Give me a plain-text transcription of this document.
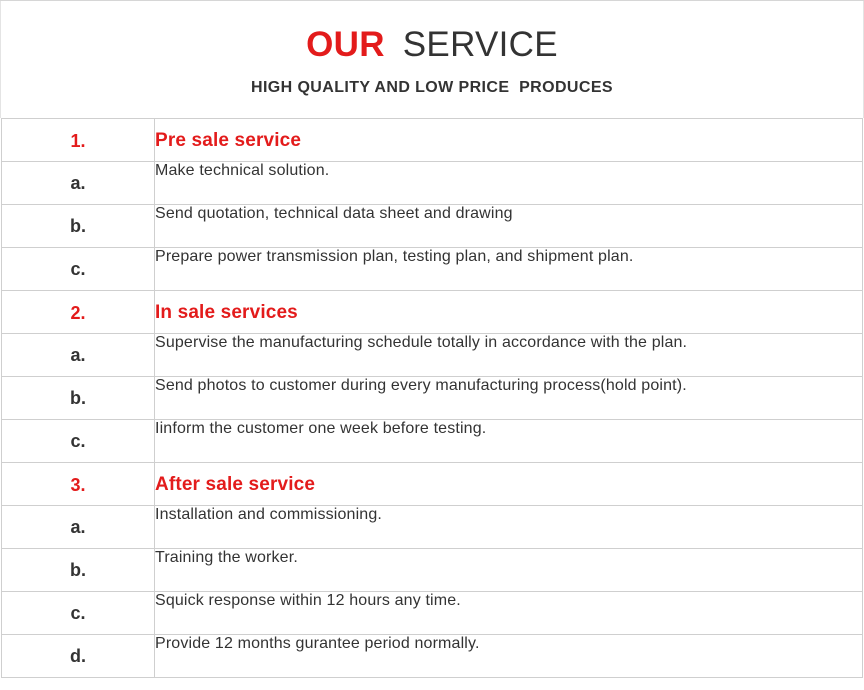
OUR SERVICE
HIGH QUALITY AND LOW PRICE  PRODUCES
1.	Pre sale service
a.	Make technical solution.
b.	Send quotation, technical data sheet and drawing
c.	Prepare power transmission plan, testing plan, and shipment plan.
2.	In sale services
a.	Supervise the manufacturing schedule totally in accordance with the plan.
b.	Send photos to customer during every manufacturing process(hold point).
c.	Iinform the customer one week before testing.
3.	After sale service
a.	Installation and commissioning.
b.	Training the worker.
c.	Squick response within 12 hours any time.
d.	Provide 12 months gurantee period normally.
